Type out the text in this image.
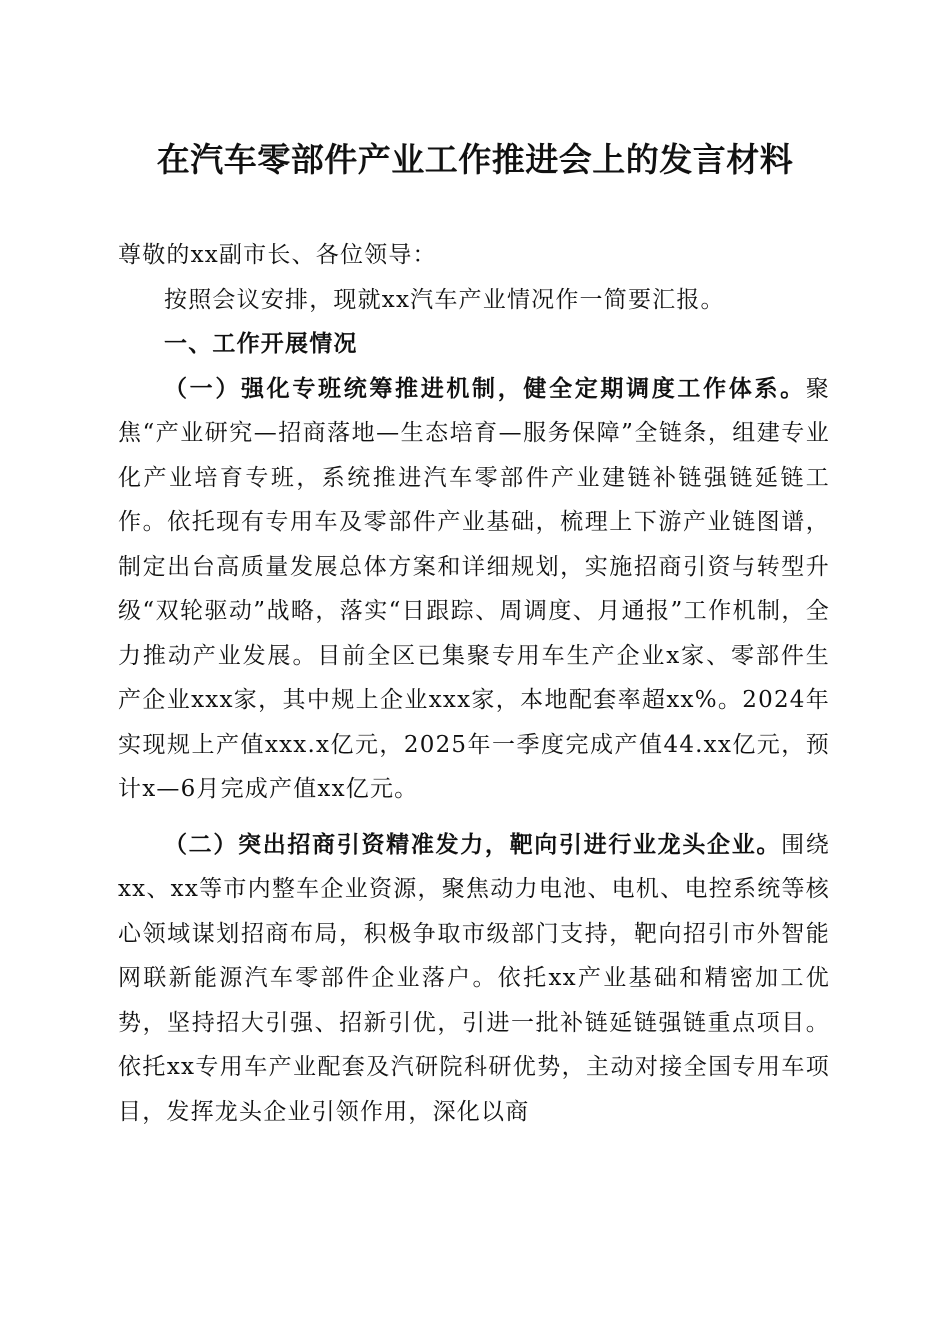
在汽车零部件产业工作推进会上的发言材料

尊敬的xx副市长、各位领导：

按照会议安排，现就xx汽车产业情况作一简要汇报。

一、工作开展情况

（一）强化专班统筹推进机制，健全定期调度工作体系。聚焦“产业研究—招商落地—生态培育—服务保障”全链条，组建专业化产业培育专班，系统推进汽车零部件产业建链补链强链延链工作。依托现有专用车及零部件产业基础，梳理上下游产业链图谱，制定出台高质量发展总体方案和详细规划，实施招商引资与转型升级“双轮驱动”战略，落实“日跟踪、周调度、月通报”工作机制，全力推动产业发展。目前全区已集聚专用车生产企业x家、零部件生产企业xxx家，其中规上企业xxx家，本地配套率超xx%。2024年实现规上产值xxx.x亿元，2025年一季度完成产值44.xx亿元，预计x—6月完成产值xx亿元。

（二）突出招商引资精准发力，靶向引进行业龙头企业。围绕xx、xx等市内整车企业资源，聚焦动力电池、电机、电控系统等核心领域谋划招商布局，积极争取市级部门支持，靶向招引市外智能网联新能源汽车零部件企业落户。依托xx产业基础和精密加工优势，坚持招大引强、招新引优，引进一批补链延链强链重点项目。依托xx专用车产业配套及汽研院科研优势，主动对接全国专用车项目，发挥龙头企业引领作用，深化以商
